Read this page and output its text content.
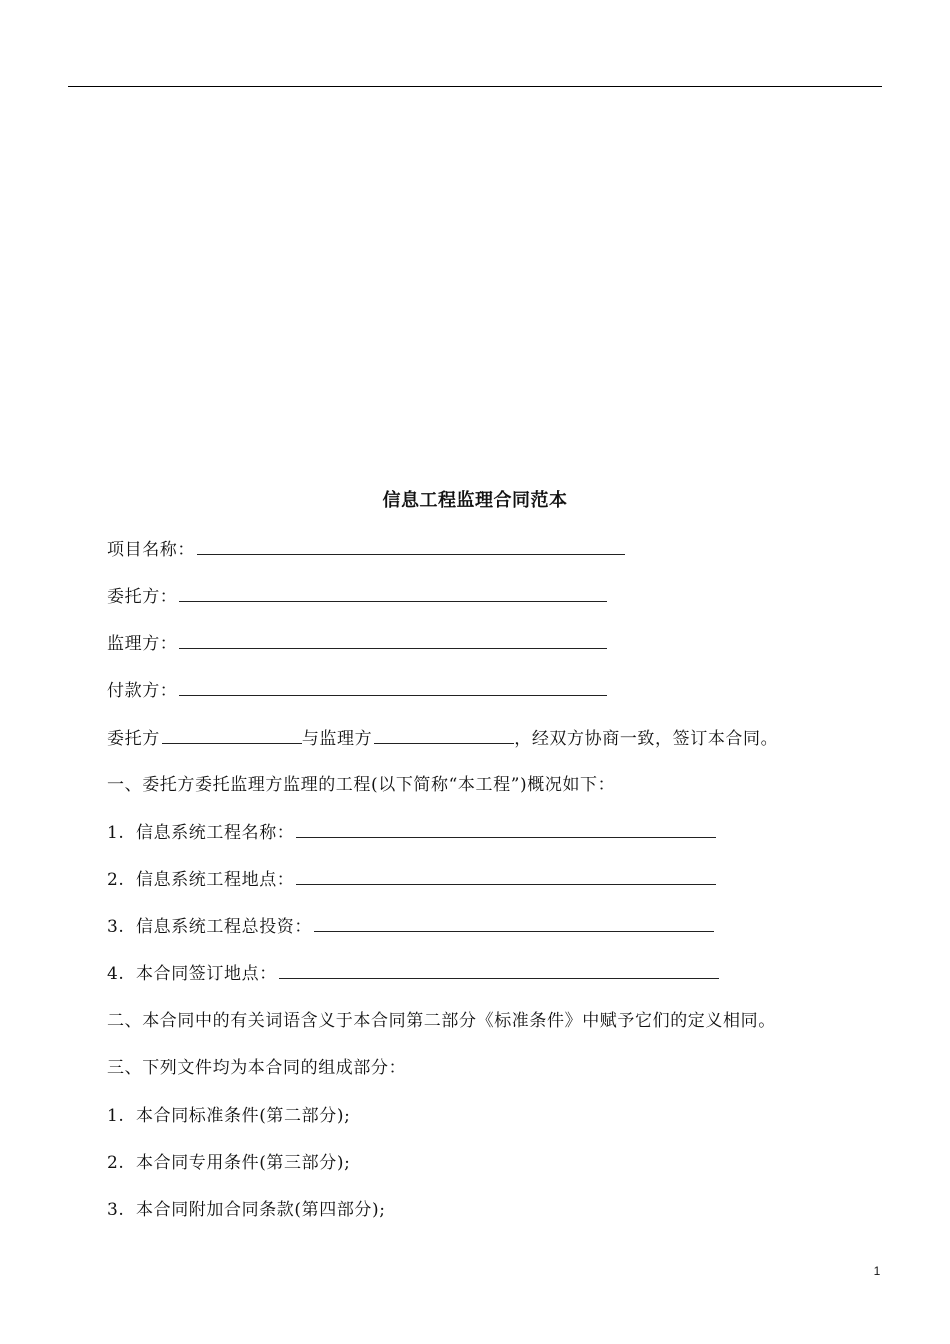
信息工程监理合同范本
项目名称：
委托方：
监理方：
付款方：
委托方	与监理方	，经双方协商一致，签订本合同。
一、委托方委托监理方监理的工程(以下简称“本工程”)概况如下：
1. 信息系统工程名称：
2. 信息系统工程地点：
3. 信息系统工程总投资：
4. 本合同签订地点：
二、本合同中的有关词语含义于本合同第二部分《标准条件》中赋予它们的定义相同。
三、下列文件均为本合同的组成部分：
1. 本合同标准条件(第二部分);
2. 本合同专用条件(第三部分);
3. 本合同附加合同条款(第四部分);
1
